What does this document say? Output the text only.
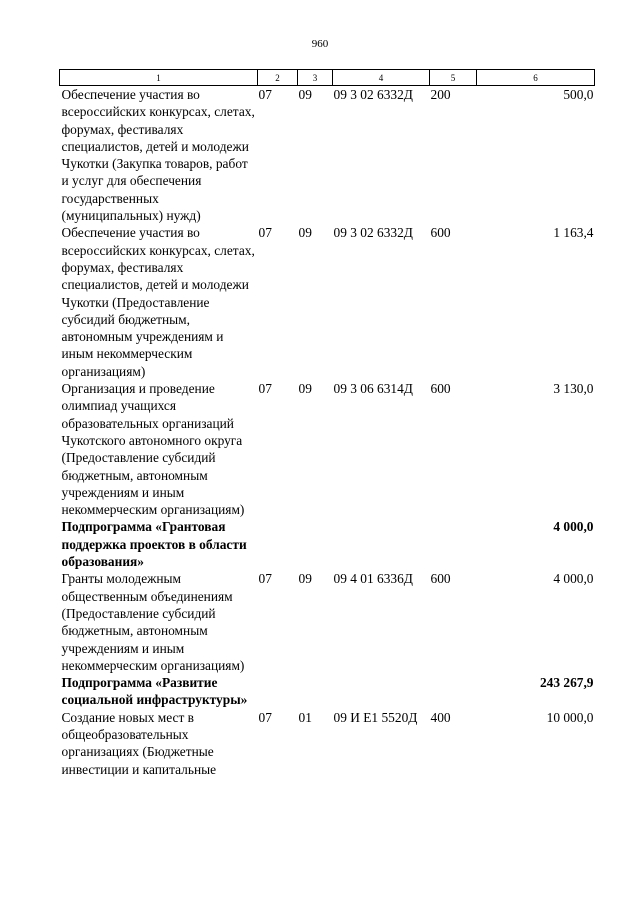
960
1	2	3	4	5	6
Обеспечение участия во всероссийских конкурсах, слетах, форумах, фестивалях специалистов, детей и молодежи Чукотки (Закупка товаров, работ и услуг для обеспечения государственных (муниципальных) нужд)	07	09	09 3 02 6332Д	200	500,0
Обеспечение участия во всероссийских конкурсах, слетах, форумах, фестивалях специалистов, детей и молодежи Чукотки (Предоставление субсидий бюджетным, автономным учреждениям и иным некоммерческим организациям)	07	09	09 3 02 6332Д	600	1 163,4
Организация и проведение олимпиад учащихся образовательных организаций Чукотского автономного округа (Предоставление субсидий бюджетным, автономным учреждениям и иным некоммерческим организациям)	07	09	09 3 06 6314Д	600	3 130,0
Подпрограмма «Грантовая поддержка проектов в области образования»					4 000,0
Гранты молодежным общественным объединениям (Предоставление субсидий бюджетным, автономным учреждениям и иным некоммерческим организациям)	07	09	09 4 01 6336Д	600	4 000,0
Подпрограмма «Развитие социальной инфраструктуры»					243 267,9
Создание новых мест в общеобразовательных организациях (Бюджетные инвестиции и капитальные	07	01	09 И Е1 5520Д	400	10 000,0
